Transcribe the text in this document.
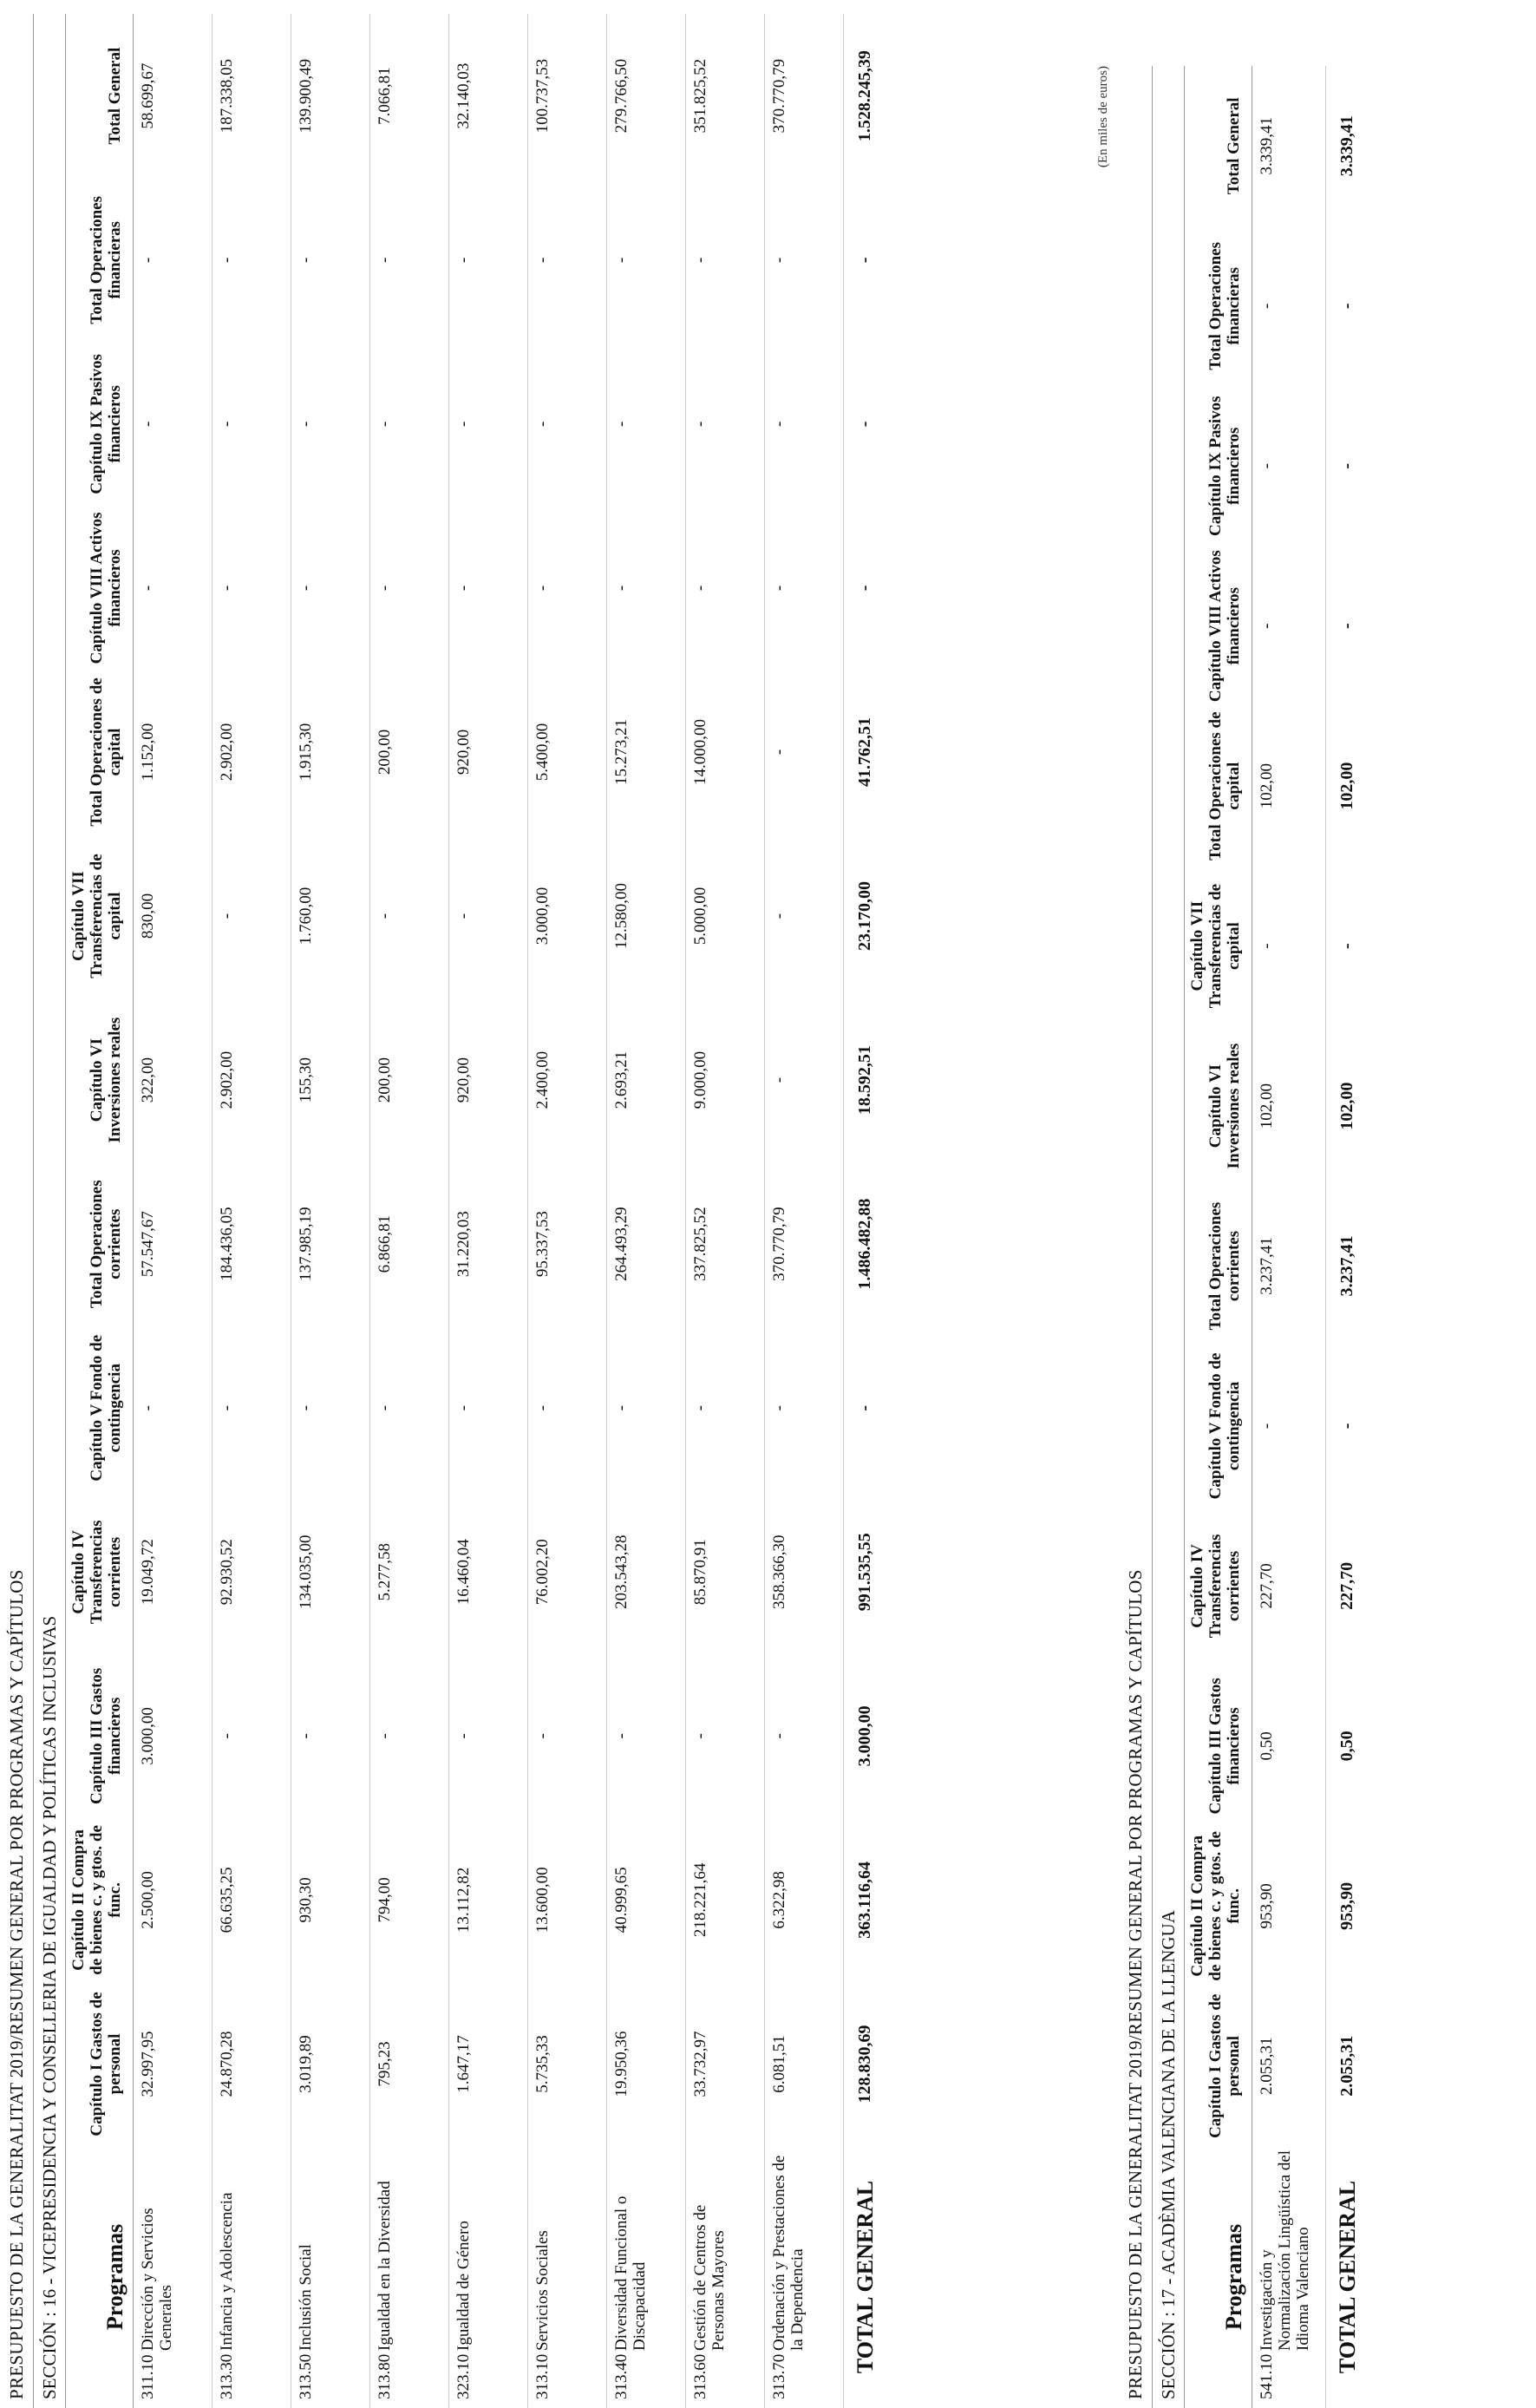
PRESUPUESTO DE LA GENERALITAT 2019/RESUMEN GENERAL POR PROGRAMAS Y CAPÍTULOS SECCIÓN : 16 - VICEPRESIDENCIA Y CONSELLERIA DE IGUALDAD Y POLÍTICAS INCLUSIVAS Programas		Capítulo I Gastos de personal	Capítulo II Compra de bienes c. y gtos. de func.	Capítulo III Gastos financieros	Capítulo IV Transferencias corrientes	Capítulo V Fondo de contingencia	Total Operaciones corrientes	Capítulo VI Inversiones reales	Capítulo VII Transferencias de capital	Total Operaciones de capital	Capítulo VIII Activos financieros	Capítulo IX Pasivos financieros	Total Operaciones financieras	Total General
311.10	Dirección y Servicios Generales	32.997,95	2.500,00	3.000,00	19.049,72	-	57.547,67	322,00	830,00	1.152,00	-	-	-	58.699,67
313.30	Infancia y Adolescencia	24.870,28	66.635,25	-	92.930,52	-	184.436,05	2.902,00	-	2.902,00	-	-	-	187.338,05
313.50	Inclusión Social	3.019,89	930,30	-	134.035,00	-	137.985,19	155,30	1.760,00	1.915,30	-	-	-	139.900,49
313.80	Igualdad en la Diversidad	795,23	794,00	-	5.277,58	-	6.866,81	200,00	-	200,00	-	-	-	7.066,81
323.10	Igualdad de Género	1.647,17	13.112,82	-	16.460,04	-	31.220,03	920,00	-	920,00	-	-	-	32.140,03
313.10	Servicios Sociales	5.735,33	13.600,00	-	76.002,20	-	95.337,53	2.400,00	3.000,00	5.400,00	-	-	-	100.737,53
313.40	Diversidad Funcional o Discapacidad	19.950,36	40.999,65	-	203.543,28	-	264.493,29	2.693,21	12.580,00	15.273,21	-	-	-	279.766,50
313.60	Gestión de Centros de Personas Mayores	33.732,97	218.221,64	-	85.870,91	-	337.825,52	9.000,00	5.000,00	14.000,00	-	-	-	351.825,52
313.70	Ordenación y Prestaciones de la Dependencia	6.081,51	6.322,98	-	358.366,30	-	370.770,79	-	-	-	-	-	-	370.770,79
TOTAL GENERAL		128.830,69	363.116,64	3.000,00	991.535,55	-	1.486.482,88	18.592,51	23.170,00	41.762,51	-	-	-	1.528.245,39	(En miles de euros)
PRESUPUESTO DE LA GENERALITAT 2019/RESUMEN GENERAL POR PROGRAMAS Y CAPÍTULOS SECCIÓN : 17 - ACADÈMIA VALENCIANA DE LA LLENGUA Programas		Capítulo I Gastos de personal	Capítulo II Compra de bienes c. y gtos. de func.	Capítulo III Gastos financieros	Capítulo IV Transferencias corrientes	Capítulo V Fondo de contingencia	Total Operaciones corrientes	Capítulo VI Inversiones reales	Capítulo VII Transferencias de capital	Total Operaciones de capital	Capítulo VIII Activos financieros	Capítulo IX Pasivos financieros	Total Operaciones financieras	Total General
541.10	Investigación y Normalización Lingüística del Idioma Valenciano	2.055,31	953,90	0,50	227,70	-	3.237,41	102,00	-	102,00	-	-	-	3.339,41
TOTAL GENERAL		2.055,31	953,90	0,50	227,70	-	3.237,41	102,00	-	102,00	-	-	-	3.339,41
